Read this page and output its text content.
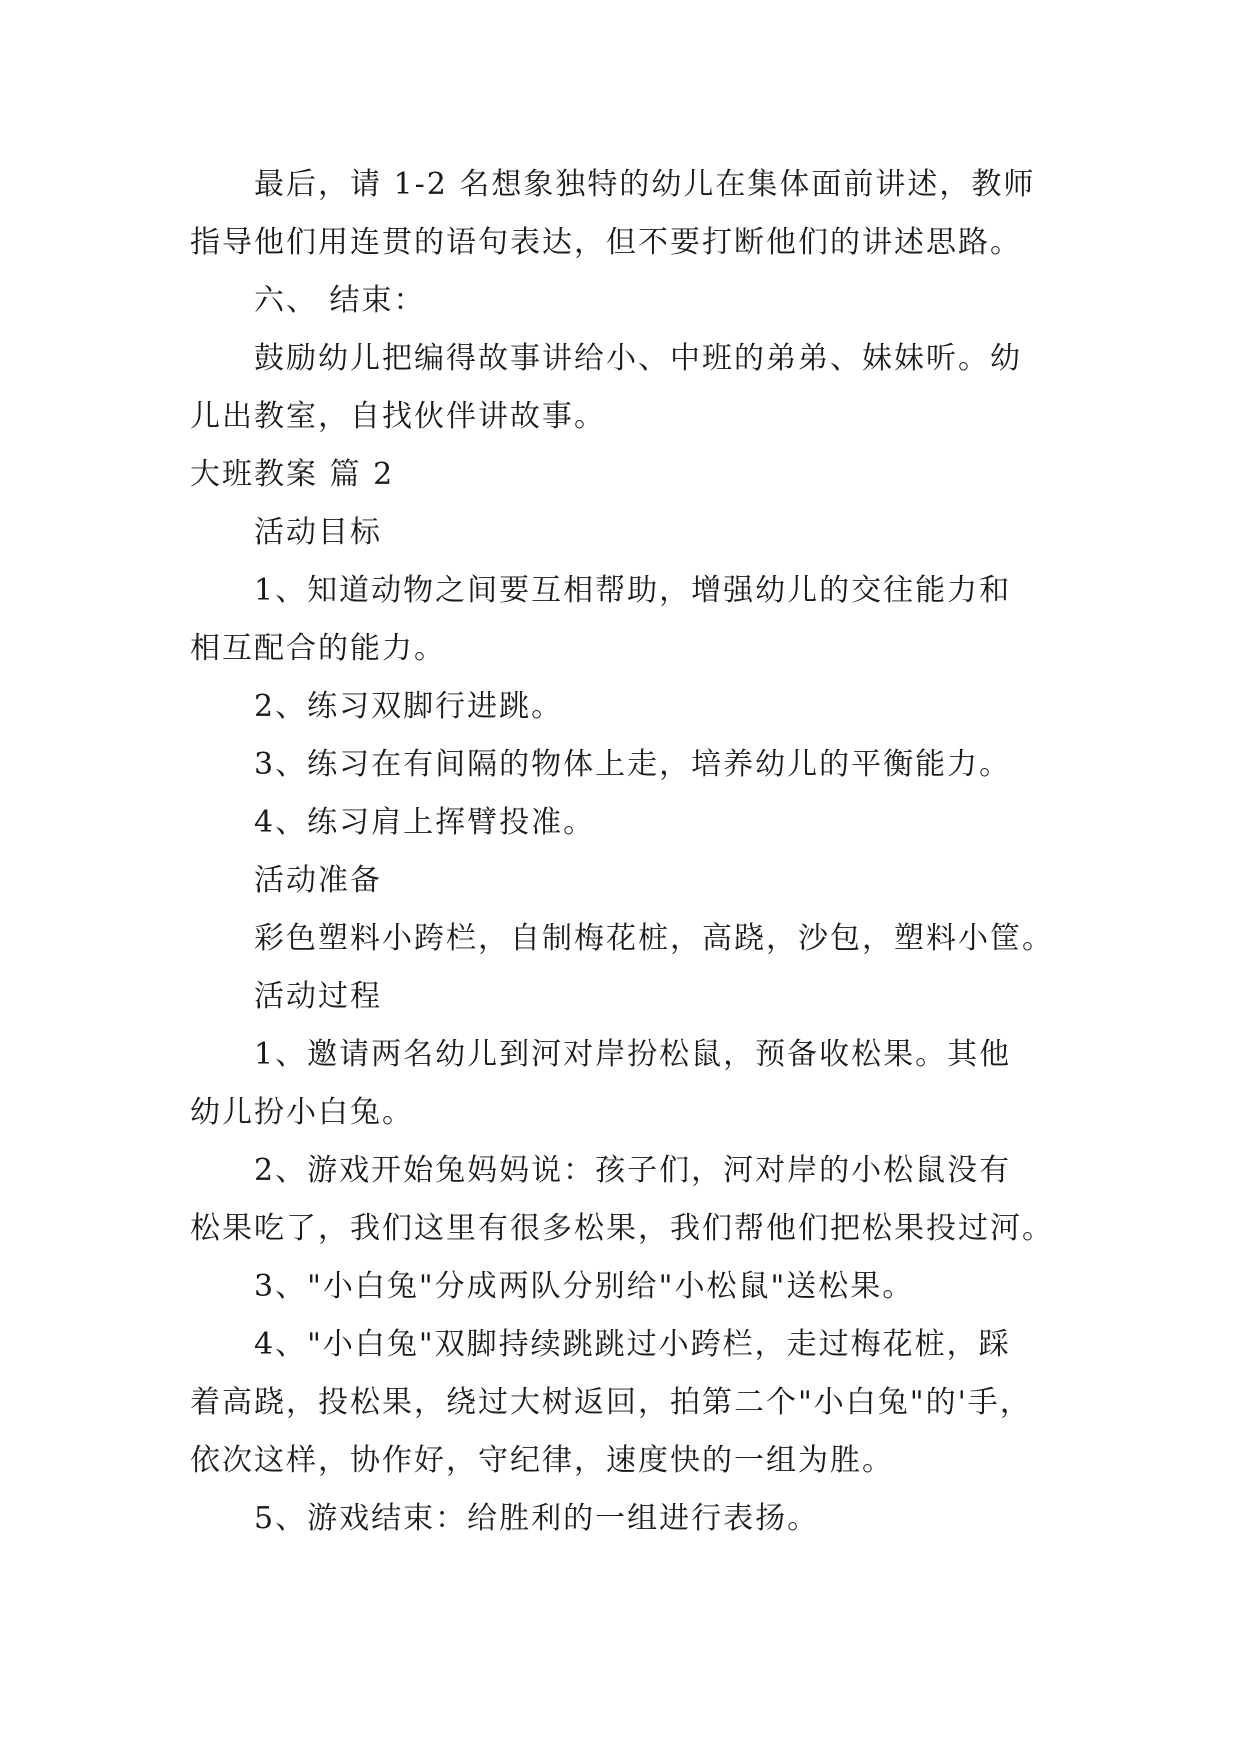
最后，请 1-2 名想象独特的幼儿在集体面前讲述，教师
指导他们用连贯的语句表达，但不要打断他们的讲述思路。
六、 结束：
鼓励幼儿把编得故事讲给小、中班的弟弟、妹妹听。幼
儿出教室，自找伙伴讲故事。
大班教案 篇 2
活动目标
1、知道动物之间要互相帮助，增强幼儿的交往能力和
相互配合的能力。
2、练习双脚行进跳。
3、练习在有间隔的物体上走，培养幼儿的平衡能力。
4、练习肩上挥臂投准。
活动准备
彩色塑料小跨栏，自制梅花桩，高跷，沙包，塑料小筐。
活动过程
1、邀请两名幼儿到河对岸扮松鼠，预备收松果。其他
幼儿扮小白兔。
2、游戏开始兔妈妈说：孩子们，河对岸的小松鼠没有
松果吃了，我们这里有很多松果，我们帮他们把松果投过河。
3、"小白兔"分成两队分别给"小松鼠"送松果。
4、"小白兔"双脚持续跳跳过小跨栏，走过梅花桩，踩
着高跷，投松果，绕过大树返回，拍第二个"小白兔"的'手，
依次这样，协作好，守纪律，速度快的一组为胜。
5、游戏结束：给胜利的一组进行表扬。
